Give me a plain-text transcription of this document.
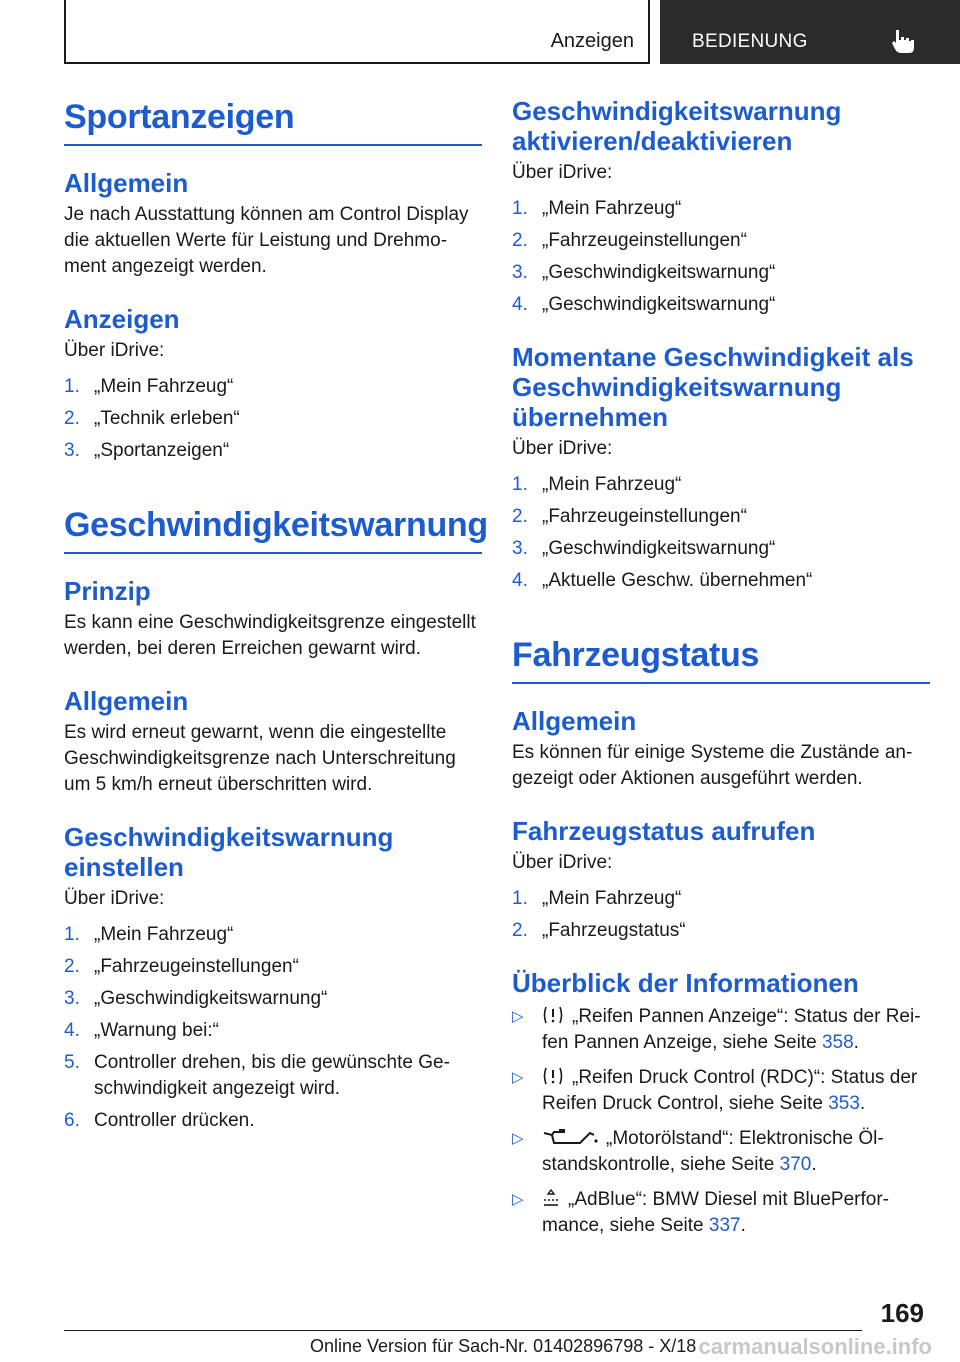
Anzeigen	BEDIENUNG
Sportanzeigen
Allgemein

Je nach Ausstattung können am Control Display die aktuellen Werte für Leistung und Drehmo-ment angezeigt werden.

Anzeigen

Über iDrive:

1. „Mein Fahrzeug“
2. „Technik erleben“
3. „Sportanzeigen“
Geschwindigkeitswarnung
Prinzip

Es kann eine Geschwindigkeitsgrenze eingestellt werden, bei deren Erreichen gewarnt wird.

Allgemein

Es wird erneut gewarnt, wenn die eingestellte Geschwindigkeitsgrenze nach Unterschreitung um 5 km/h erneut überschritten wird.

Geschwindigkeitswarnung einstellen

Über iDrive:

1. „Mein Fahrzeug“
2. „Fahrzeugeinstellungen“
3. „Geschwindigkeitswarnung“
4. „Warnung bei:“
5. Controller drehen, bis die gewünschte Ge-schwindigkeit angezeigt wird.
6. Controller drücken.
Geschwindigkeitswarnung aktivieren/deaktivieren

Über iDrive:

1. „Mein Fahrzeug“
2. „Fahrzeugeinstellungen“
3. „Geschwindigkeitswarnung“
4. „Geschwindigkeitswarnung“
Momentane Geschwindigkeit als Geschwindigkeitswarnung übernehmen

Über iDrive:

1. „Mein Fahrzeug“
2. „Fahrzeugeinstellungen“
3. „Geschwindigkeitswarnung“
4. „Aktuelle Geschw. übernehmen“
Fahrzeugstatus
Allgemein

Es können für einige Systeme die Zustände an-gezeigt oder Aktionen ausgeführt werden.

Fahrzeugstatus aufrufen

Über iDrive:

1. „Mein Fahrzeug“
2. „Fahrzeugstatus“
Überblick der Informationen
▷	„Reifen Pannen Anzeige“: Status der Rei-fen Pannen Anzeige, siehe Seite 358.
▷	„Reifen Druck Control (RDC)“: Status der Reifen Druck Control, siehe Seite 353.
▷	„Motorölstand“: Elektronische Öl-standskontrolle, siehe Seite 370.
▷ „AdBlue“: BMW Diesel mit BluePerfor-mance, siehe Seite 337.
169
Online Version für Sach-Nr. 01402896798 - X/18 carmanualsonline.info
